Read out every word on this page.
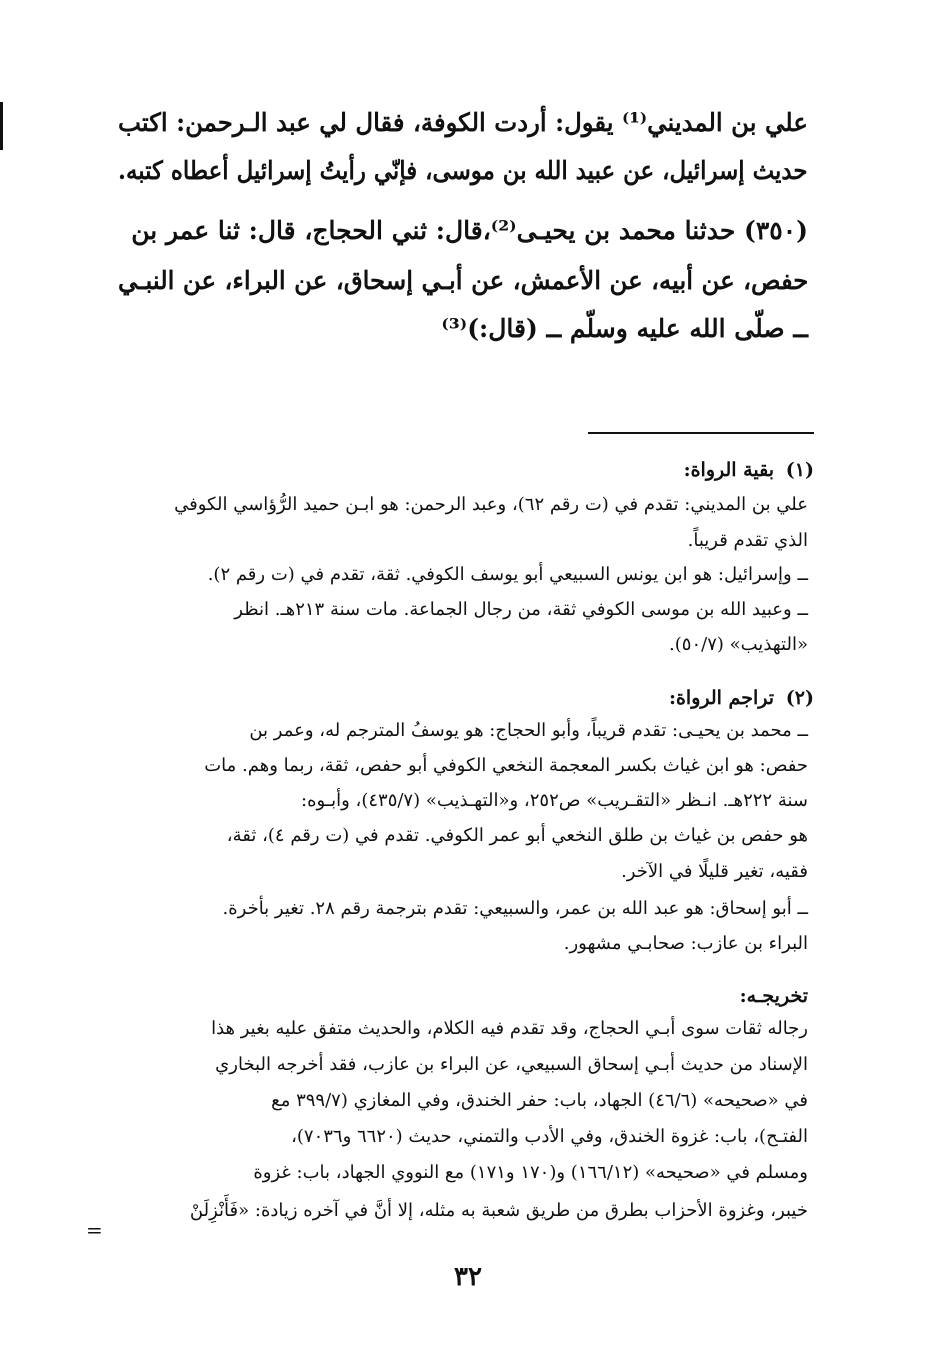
علي بن المديني⁽¹⁾ يقول: أردت الكوفة، فقال لي عبد الـرحمن: اكتب
حديث إسرائيل، عن عبيد الله بن موسى، فإنّي رأيتُ إسرائيل أعطاه كتبه.
(٣٥٠) حدثنا محمد بن يحيـى⁽²⁾،قال: ثني الحجاج، قال: ثنا عمر بن
حفص، عن أبيه، عن الأعمش، عن أبـي إسحاق، عن البراء، عن النبـي
ــ صلّى الله عليه وسلّم ــ (قال:)⁽³⁾
(١)
بقية الرواة:
علي بن المديني: تقدم في (ت رقم ٦٢)، وعبد الرحمن: هو ابـن حميد الرُّؤاسي الكوفي
الذي تقدم قريباً.
ــ وإسرائيل: هو ابن يونس السبيعي أبو يوسف الكوفي. ثقة، تقدم في (ت رقم ٢).
ــ وعبيد الله بن موسى الكوفي ثقة، من رجال الجماعة. مات سنة ٢١٣هـ. انظر
«التهذيب» (٥٠/٧).
(٢)
تراجم الرواة:
ــ محمد بن يحيـى: تقدم قريباً، وأبو الحجاج: هو يوسفُ المترجم له، وعمر بن
حفص: هو ابن غياث بكسر المعجمة النخعي الكوفي أبو حفص، ثقة، ربما وهم. مات
سنة ٢٢٢هـ. انـظر «التقـريب» ص٢٥٢، و«التهـذيب» (٤٣٥/٧)، وأبـوه:
هو حفص بن غياث بن طلق النخعي أبو عمر الكوفي. تقدم في (ت رقم ٤)، ثقة،
فقيه، تغير قليلًا في الآخر.
ــ أبو إسحاق: هو عبد الله بن عمر، والسبيعي: تقدم بترجمة رقم ٢٨. تغير بأخرة.
البراء بن عازب: صحابـي مشهور.
تخريجـه:
رجاله ثقات سوى أبـي الحجاج، وقد تقدم فيه الكلام، والحديث متفق عليه بغير هذا
الإسناد من حديث أبـي إسحاق السبيعي، عن البراء بن عازب، فقد أخرجه البخاري
في «صحيحه» (٤٦/٦) الجهاد، باب: حفر الخندق، وفي المغازي (٣٩٩/٧ مع
الفتـح)، باب: غزوة الخندق، وفي الأدب والتمني، حديث (٦٦٢٠ و٧٠٣٦)،
ومسلم في «صحيحه» (١٦٦/١٢) و(١٧٠ و١٧١) مع النووي الجهاد، باب: غزوة
خيبر، وغزوة الأحزاب بطرق من طريق شعبة به مثله، إلا أنَّ في آخره زيادة: «فَأَنْزِلَنْ
=
٣٢
